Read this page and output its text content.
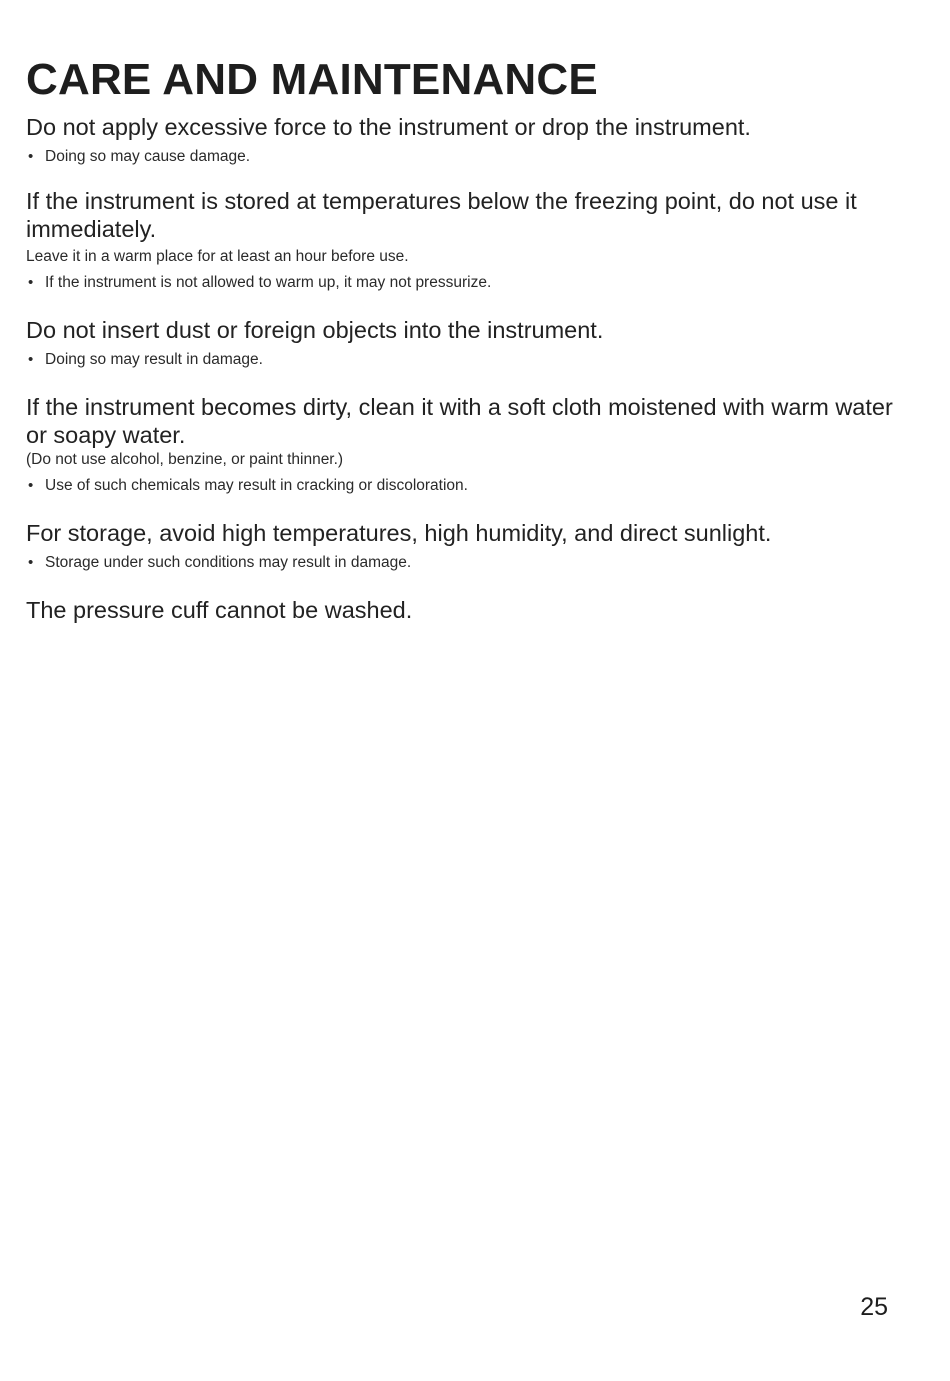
CARE AND MAINTENANCE

Do not apply excessive force to the instrument or drop the instrument.

• Doing so may cause damage.

If the instrument is stored at temperatures below the freezing point, do not use it immediately.

Leave it in a warm place for at least an hour before use.

• If the instrument is not allowed to warm up, it may not pressurize.

Do not insert dust or foreign objects into the instrument.

• Doing so may result in damage.

If the instrument becomes dirty, clean it with a soft cloth moistened with warm water or soapy water.

(Do not use alcohol, benzine, or paint thinner.)

• Use of such chemicals may result in cracking or discoloration.

For storage, avoid high temperatures, high humidity, and direct sunlight.

• Storage under such conditions may result in damage.

The pressure cuff cannot be washed.

25
